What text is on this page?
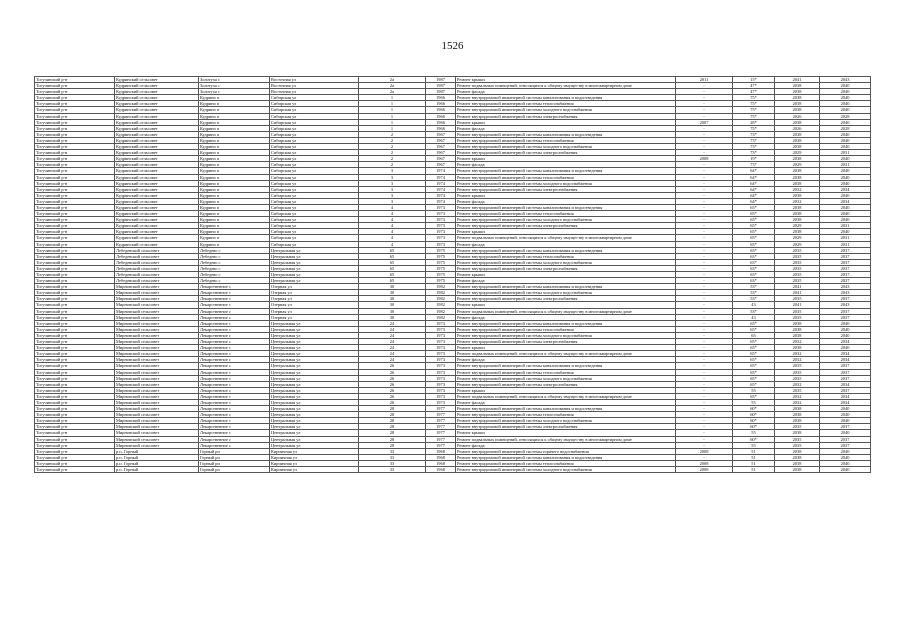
1526
Тогучинский р-н	Кудринский сельсовет	Золотуха с	Восточная ул	2а	1987	Ремонт крыши	2011	15*	2041	2043
Тогучинский р-н	Кудринский сельсовет	Золотуха с	Восточная ул	2а	1987	Ремонт подвальных помещений, относящихся к общему имуществу в многоквартирном доме	-	47*	2038	2040
Тогучинский р-н	Кудринский сельсовет	Золотуха с	Восточная ул	2а	1987	Ремонт фасада	-	47*	2038	2040
Тогучинский р-н	Кудринский сельсовет	Кудрино п	Сибирская ул	1	1966	Ремонт внутридомовой инженерной системы канализования и водоотведения	-	75*	2038	2040
Тогучинский р-н	Кудринский сельсовет	Кудрино п	Сибирская ул	1	1966	Ремонт внутридомовой инженерной системы теплоснабжения	-	75*	2038	2040
Тогучинский р-н	Кудринский сельсовет	Кудрино п	Сибирская ул	1	1966	Ремонт внутридомовой инженерной системы холодного водоснабжения	-	75*	2038	2040
Тогучинский р-н	Кудринский сельсовет	Кудрино п	Сибирская ул	1	1966	Ремонт внутридомовой инженерной системы электроснабжения	-	75*	2026	2028
Тогучинский р-н	Кудринский сельсовет	Кудрино п	Сибирская ул	1	1966	Ремонт крыши	2007	28*	2038	2040
Тогучинский р-н	Кудринский сельсовет	Кудрино п	Сибирская ул	1	1966	Ремонт фасада	-	75*	2026	2028
Тогучинский р-н	Кудринский сельсовет	Кудрино п	Сибирская ул	2	1967	Ремонт внутридомовой инженерной системы канализования и водоотведения	-	73*	2038	2040
Тогучинский р-н	Кудринский сельсовет	Кудрино п	Сибирская ул	2	1967	Ремонт внутридомовой инженерной системы теплоснабжения	-	73*	2038	2040
Тогучинский р-н	Кудринский сельсовет	Кудрино п	Сибирская ул	2	1967	Ремонт внутридомовой инженерной системы холодного водоснабжения	-	73*	2038	2040
Тогучинский р-н	Кудринский сельсовет	Кудрино п	Сибирская ул	2	1967	Ремонт внутридомовой инженерной системы электроснабжения	-	73*	2029	2031
Тогучинский р-н	Кудринский сельсовет	Кудрино п	Сибирская ул	2	1967	Ремонт крыши	2008	19*	2038	2040
Тогучинский р-н	Кудринский сельсовет	Кудрино п	Сибирская ул	2	1967	Ремонт фасада	-	73*	2029	2031
Тогучинский р-н	Кудринский сельсовет	Кудрино п	Сибирская ул	3	1974	Ремонт внутридомовой инженерной системы канализования и водоотведения	-	64*	2038	2040
Тогучинский р-н	Кудринский сельсовет	Кудрино п	Сибирская ул	3	1974	Ремонт внутридомовой инженерной системы теплоснабжения	-	64*	2038	2040
Тогучинский р-н	Кудринский сельсовет	Кудрино п	Сибирская ул	3	1974	Ремонт внутридомовой инженерной системы холодного водоснабжения	-	64*	2038	2040
Тогучинский р-н	Кудринский сельсовет	Кудрино п	Сибирская ул	3	1974	Ремонт внутридомовой инженерной системы электроснабжения	-	64*	2032	2034
Тогучинский р-н	Кудринский сельсовет	Кудрино п	Сибирская ул	3	1974	Ремонт крыши	-	64*	2038	2040
Тогучинский р-н	Кудринский сельсовет	Кудрино п	Сибирская ул	3	1974	Ремонт фасада	-	64*	2032	2034
Тогучинский р-н	Кудринский сельсовет	Кудрино п	Сибирская ул	4	1973	Ремонт внутридомовой инженерной системы канализования и водоотведения	-	65*	2038	2040
Тогучинский р-н	Кудринский сельсовет	Кудрино п	Сибирская ул	4	1973	Ремонт внутридомовой инженерной системы теплоснабжения	-	65*	2038	2040
Тогучинский р-н	Кудринский сельсовет	Кудрино п	Сибирская ул	4	1973	Ремонт внутридомовой инженерной системы холодного водоснабжения	-	65*	2038	2040
Тогучинский р-н	Кудринский сельсовет	Кудрино п	Сибирская ул	4	1973	Ремонт внутридомовой инженерной системы электроснабжения	-	65*	2029	2031
Тогучинский р-н	Кудринский сельсовет	Кудрино п	Сибирская ул	4	1973	Ремонт крыши	-	65*	2038	2040
Тогучинский р-н	Кудринский сельсовет	Кудрино п	Сибирская ул	4	1973	Ремонт подвальных помещений, относящихся к общему имуществу в многоквартирном доме	-	65*	2029	2031
Тогучинский р-н	Кудринский сельсовет	Кудрино п	Сибирская ул	4	1973	Ремонт фасада	-	65*	2029	2031
Тогучинский р-н	Лебедевский сельсовет	Лебедево с	Центральная ул	65	1975	Ремонт внутридомовой инженерной системы канализования и водоотведения	-	63*	2035	2037
Тогучинский р-н	Лебедевский сельсовет	Лебедево с	Центральная ул	65	1975	Ремонт внутридомовой инженерной системы теплоснабжения	-	63*	2035	2037
Тогучинский р-н	Лебедевский сельсовет	Лебедево с	Центральная ул	65	1975	Ремонт внутридомовой инженерной системы холодного водоснабжения	-	63*	2035	2037
Тогучинский р-н	Лебедевский сельсовет	Лебедево с	Центральная ул	65	1975	Ремонт внутридомовой инженерной системы электроснабжения	-	63*	2035	2037
Тогучинский р-н	Лебедевский сельсовет	Лебедево с	Центральная ул	65	1975	Ремонт крыши	-	63*	2035	2037
Тогучинский р-н	Лебедевский сельсовет	Лебедево с	Центральная ул	65	1975	Ремонт фасада	-	63*	2035	2037
Тогучинский р-н	Мирновский сельсовет	Лекарственное с	Озерная ул	30	1982	Ремонт внутридомовой инженерной системы канализования и водоотведения	-	53*	2041	2043
Тогучинский р-н	Мирновский сельсовет	Лекарственное с	Озерная ул	30	1982	Ремонт внутридомовой инженерной системы холодного водоснабжения	-	53*	2041	2043
Тогучинский р-н	Мирновский сельсовет	Лекарственное с	Озерная ул	30	1982	Ремонт внутридомовой инженерной системы электроснабжения	-	53*	2035	2037
Тогучинский р-н	Мирновский сельсовет	Лекарственное с	Озерная ул	30	1982	Ремонт крыши	-	43	2041	2043
Тогучинский р-н	Мирновский сельсовет	Лекарственное с	Озерная ул	30	1982	Ремонт подвальных помещений, относящихся к общему имуществу в многоквартирном доме	-	53*	2035	2037
Тогучинский р-н	Мирновский сельсовет	Лекарственное с	Озерная ул	30	1982	Ремонт фасада	-	43	2035	2037
Тогучинский р-н	Мирновский сельсовет	Лекарственное с	Центральная ул	24	1973	Ремонт внутридомовой инженерной системы канализования и водоотведения	-	65*	2038	2040
Тогучинский р-н	Мирновский сельсовет	Лекарственное с	Центральная ул	24	1973	Ремонт внутридомовой инженерной системы теплоснабжения	-	65*	2038	2040
Тогучинский р-н	Мирновский сельсовет	Лекарственное с	Центральная ул	24	1973	Ремонт внутридомовой инженерной системы холодного водоснабжения	-	65	2038	2040
Тогучинский р-н	Мирновский сельсовет	Лекарственное с	Центральная ул	24	1973	Ремонт внутридомовой инженерной системы электроснабжения	-	65*	2032	2034
Тогучинский р-н	Мирновский сельсовет	Лекарственное с	Центральная ул	24	1973	Ремонт крыши	-	65*	2038	2040
Тогучинский р-н	Мирновский сельсовет	Лекарственное с	Центральная ул	24	1973	Ремонт подвальных помещений, относящихся к общему имуществу в многоквартирном доме	-	65*	2032	2034
Тогучинский р-н	Мирновский сельсовет	Лекарственное с	Центральная ул	24	1973	Ремонт фасада	-	65*	2032	2034
Тогучинский р-н	Мирновский сельсовет	Лекарственное с	Центральная ул	26	1973	Ремонт внутридомовой инженерной системы канализования и водоотведения	-	65*	2035	2037
Тогучинский р-н	Мирновский сельсовет	Лекарственное с	Центральная ул	26	1973	Ремонт внутридомовой инженерной системы теплоснабжения	-	65*	2035	2037
Тогучинский р-н	Мирновский сельсовет	Лекарственное с	Центральная ул	26	1973	Ремонт внутридомовой инженерной системы холодного водоснабжения	-	65*	2035	2037
Тогучинский р-н	Мирновский сельсовет	Лекарственное с	Центральная ул	26	1973	Ремонт внутридомовой инженерной системы электроснабжения	-	65*	2032	2034
Тогучинский р-н	Мирновский сельсовет	Лекарственное с	Центральная ул	26	1973	Ремонт крыши	-	55	2035	2037
Тогучинский р-н	Мирновский сельсовет	Лекарственное с	Центральная ул	26	1973	Ремонт подвальных помещений, относящихся к общему имуществу в многоквартирном доме	-	65*	2032	2034
Тогучинский р-н	Мирновский сельсовет	Лекарственное с	Центральная ул	26	1973	Ремонт фасада	-	55	2032	2034
Тогучинский р-н	Мирновский сельсовет	Лекарственное с	Центральная ул	28	1977	Ремонт внутридомовой инженерной системы канализования и водоотведения	-	60*	2038	2040
Тогучинский р-н	Мирновский сельсовет	Лекарственное с	Центральная ул	28	1977	Ремонт внутридомовой инженерной системы теплоснабжения	-	60*	2038	2040
Тогучинский р-н	Мирновский сельсовет	Лекарственное с	Центральная ул	28	1977	Ремонт внутридомовой инженерной системы холодного водоснабжения	-	60*	2038	2040
Тогучинский р-н	Мирновский сельсовет	Лекарственное с	Центральная ул	28	1977	Ремонт внутридомовой инженерной системы электроснабжения	-	60*	2035	2037
Тогучинский р-н	Мирновский сельсовет	Лекарственное с	Центральная ул	28	1977	Ремонт крыши	-	55	2038	2040
Тогучинский р-н	Мирновский сельсовет	Лекарственное с	Центральная ул	28	1977	Ремонт подвальных помещений, относящихся к общему имуществу в многоквартирном доме	-	60*	2035	2037
Тогучинский р-н	Мирновский сельсовет	Лекарственное с	Центральная ул	28	1977	Ремонт фасада	-	55	2035	2037
Тогучинский р-н	р.п. Горный	Горный рп	Кирпичная ул	33	1968	Ремонт внутридомовой инженерной системы горячего водоснабжения	2008	51	2038	2040
Тогучинский р-н	р.п. Горный	Горный рп	Кирпичная ул	33	1968	Ремонт внутридомовой инженерной системы канализования и водоотведения	-	51	2038	2040
Тогучинский р-н	р.п. Горный	Горный рп	Кирпичная ул	33	1968	Ремонт внутридомовой инженерной системы теплоснабжения	2008	51	2038	2040
Тогучинский р-н	р.п. Горный	Горный рп	Кирпичная ул	33	1968	Ремонт внутридомовой инженерной системы холодного водоснабжения	2008	51	2038	2040
